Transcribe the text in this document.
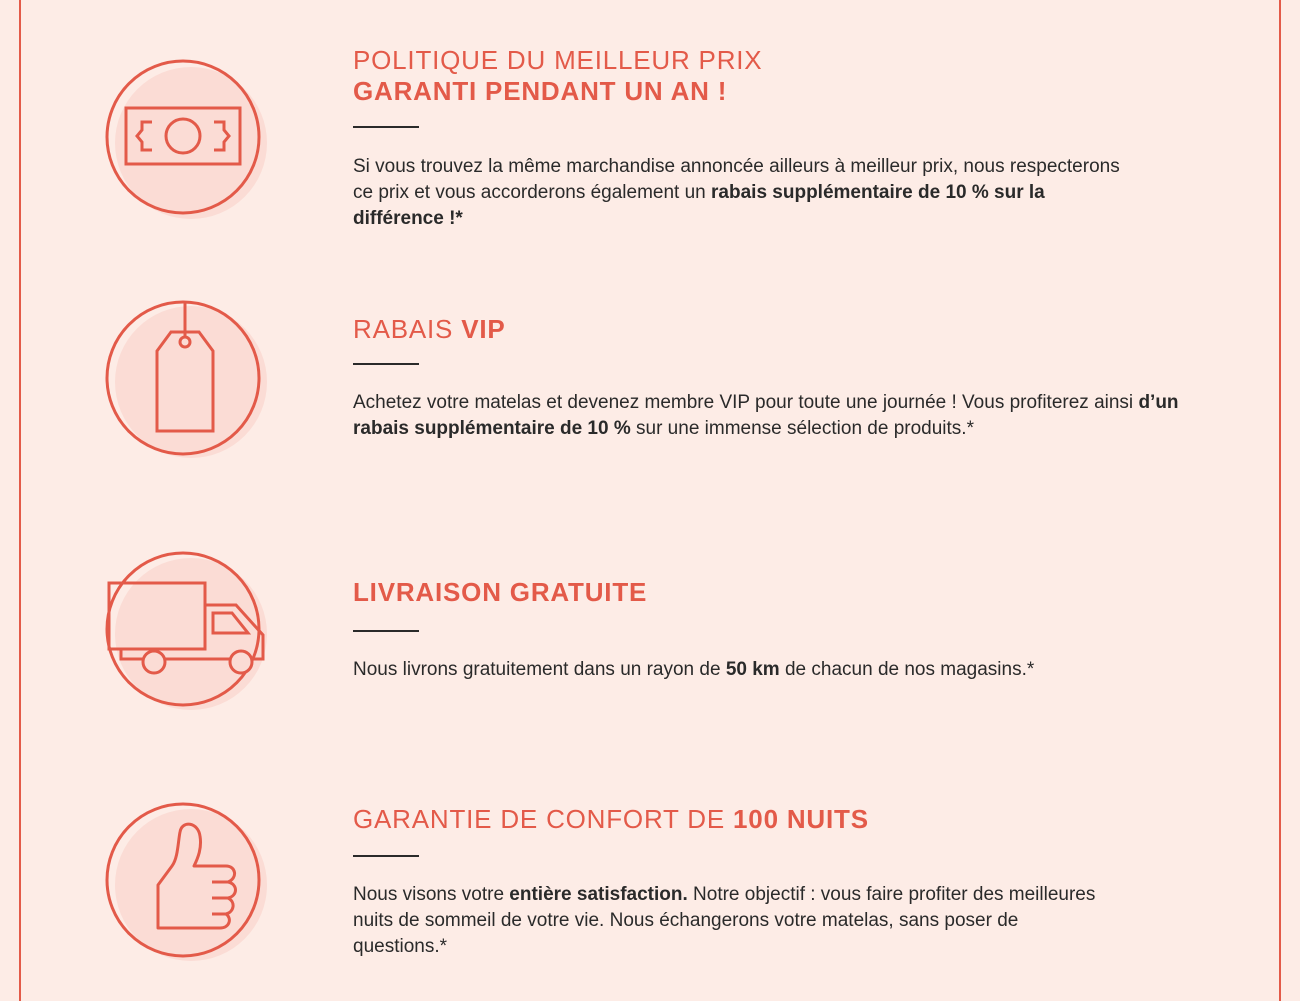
POLITIQUE DU MEILLEUR PRIX
GARANTI PENDANT UN AN !

Si vous trouvez la même marchandise annoncée ailleurs à meilleur prix, nous respecterons ce prix et vous accorderons également un rabais supplémentaire de 10 % sur la différence !*

RABAIS VIP

Achetez votre matelas et devenez membre VIP pour toute une journée ! Vous profiterez ainsi d’un rabais supplémentaire de 10 % sur une immense sélection de produits.*

LIVRAISON GRATUITE

Nous livrons gratuitement dans un rayon de 50 km de chacun de nos magasins.*

GARANTIE DE CONFORT DE 100 NUITS

Nous visons votre entière satisfaction. Notre objectif : vous faire profiter des meilleures nuits de sommeil de votre vie. Nous échangerons votre matelas, sans poser de questions.*
